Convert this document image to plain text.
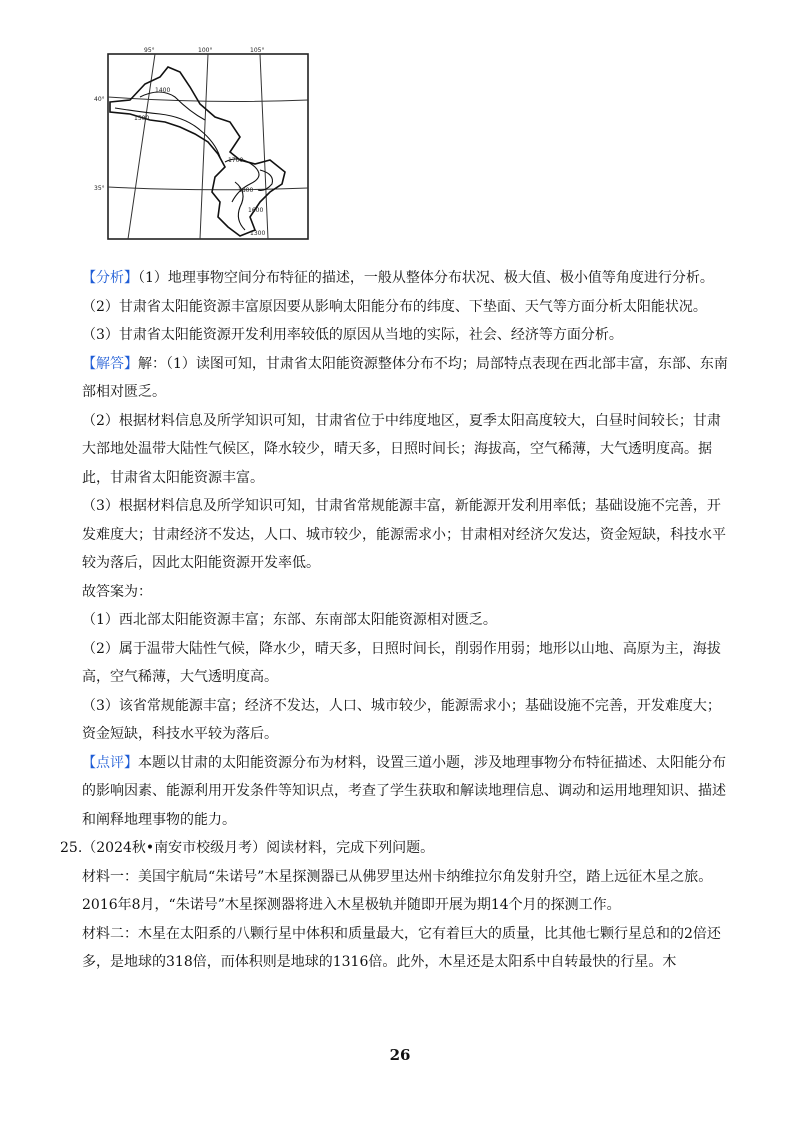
95°	100°	105°
40°
35°
1400
1500
1700
1800
1600
1300

【分析】（1）地理事物空间分布特征的描述，一般从整体分布状况、极大值、极小值等角度进行分析。

（2）甘肃省太阳能资源丰富原因要从影响太阳能分布的纬度、下垫面、天气等方面分析太阳能状况。

（3）甘肃省太阳能资源开发利用率较低的原因从当地的实际，社会、经济等方面分析。

【解答】解：（1）读图可知，甘肃省太阳能资源整体分布不均；局部特点表现在西北部丰富，东部、东南部相对匮乏。

（2）根据材料信息及所学知识可知，甘肃省位于中纬度地区，夏季太阳高度较大，白昼时间较长；甘肃大部地处温带大陆性气候区，降水较少，晴天多，日照时间长；海拔高，空气稀薄，大气透明度高。据此，甘肃省太阳能资源丰富。

（3）根据材料信息及所学知识可知，甘肃省常规能源丰富，新能源开发利用率低；基础设施不完善，开发难度大；甘肃经济不发达，人口、城市较少，能源需求小；甘肃相对经济欠发达，资金短缺，科技水平较为落后，因此太阳能资源开发率低。

故答案为：

（1）西北部太阳能资源丰富；东部、东南部太阳能资源相对匮乏。

（2）属于温带大陆性气候，降水少，晴天多，日照时间长，削弱作用弱；地形以山地、高原为主，海拔高，空气稀薄，大气透明度高。

（3）该省常规能源丰富；经济不发达，人口、城市较少，能源需求小；基础设施不完善，开发难度大；资金短缺，科技水平较为落后。

【点评】本题以甘肃的太阳能资源分布为材料，设置三道小题，涉及地理事物分布特征描述、太阳能分布的影响因素、能源利用开发条件等知识点，考查了学生获取和解读地理信息、调动和运用地理知识、描述和阐释地理事物的能力。

25.（2024秋•南安市校级月考）阅读材料，完成下列问题。

材料一：美国宇航局“朱诺号”木星探测器已从佛罗里达州卡纳维拉尔角发射升空，踏上远征木星之旅。2016年8月，“朱诺号”木星探测器将进入木星极轨并随即开展为期14个月的探测工作。

材料二：木星在太阳系的八颗行星中体积和质量最大，它有着巨大的质量，比其他七颗行星总和的2倍还多，是地球的318倍，而体积则是地球的1316倍。此外，木星还是太阳系中自转最快的行星。木

26
